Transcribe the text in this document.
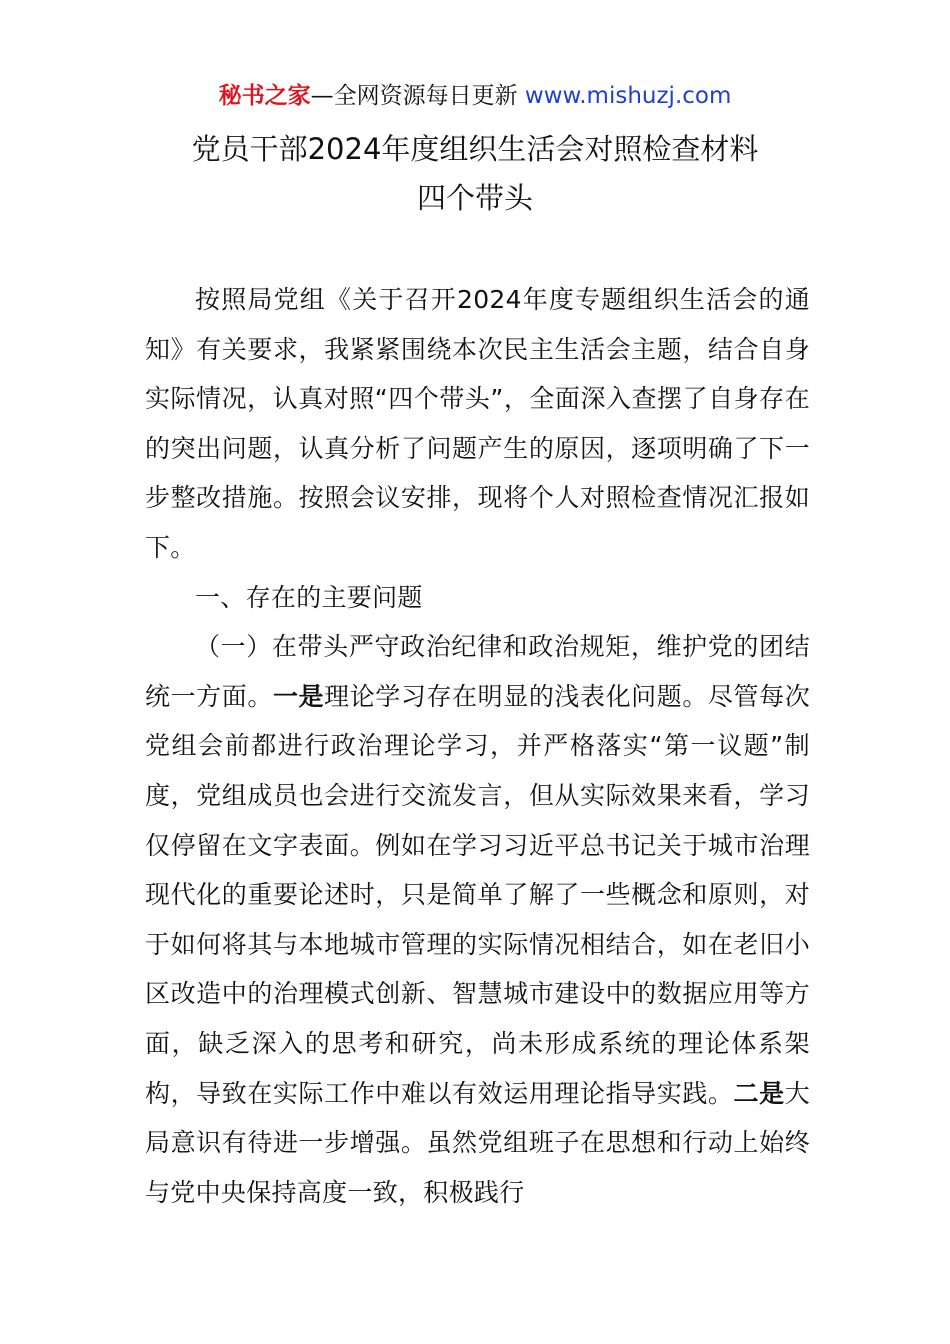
秘书之家—全网资源每日更新 www.mishuzj.com
党员干部2024年度组织生活会对照检查材料
四个带头

按照局党组《关于召开2024年度专题组织生活会的通知》有关要求，我紧紧围绕本次民主生活会主题，结合自身实际情况，认真对照“四个带头”，全面深入查摆了自身存在的突出问题，认真分析了问题产生的原因，逐项明确了下一步整改措施。按照会议安排，现将个人对照检查情况汇报如下。

一、存在的主要问题

（一）在带头严守政治纪律和政治规矩，维护党的团结统一方面。一是理论学习存在明显的浅表化问题。尽管每次党组会前都进行政治理论学习，并严格落实“第一议题”制度，党组成员也会进行交流发言，但从实际效果来看，学习仅停留在文字表面。例如在学习习近平总书记关于城市治理现代化的重要论述时，只是简单了解了一些概念和原则，对于如何将其与本地城市管理的实际情况相结合，如在老旧小区改造中的治理模式创新、智慧城市建设中的数据应用等方面，缺乏深入的思考和研究，尚未形成系统的理论体系架构，导致在实际工作中难以有效运用理论指导实践。二是大局意识有待进一步增强。虽然党组班子在思想和行动上始终与党中央保持高度一致，积极践行
